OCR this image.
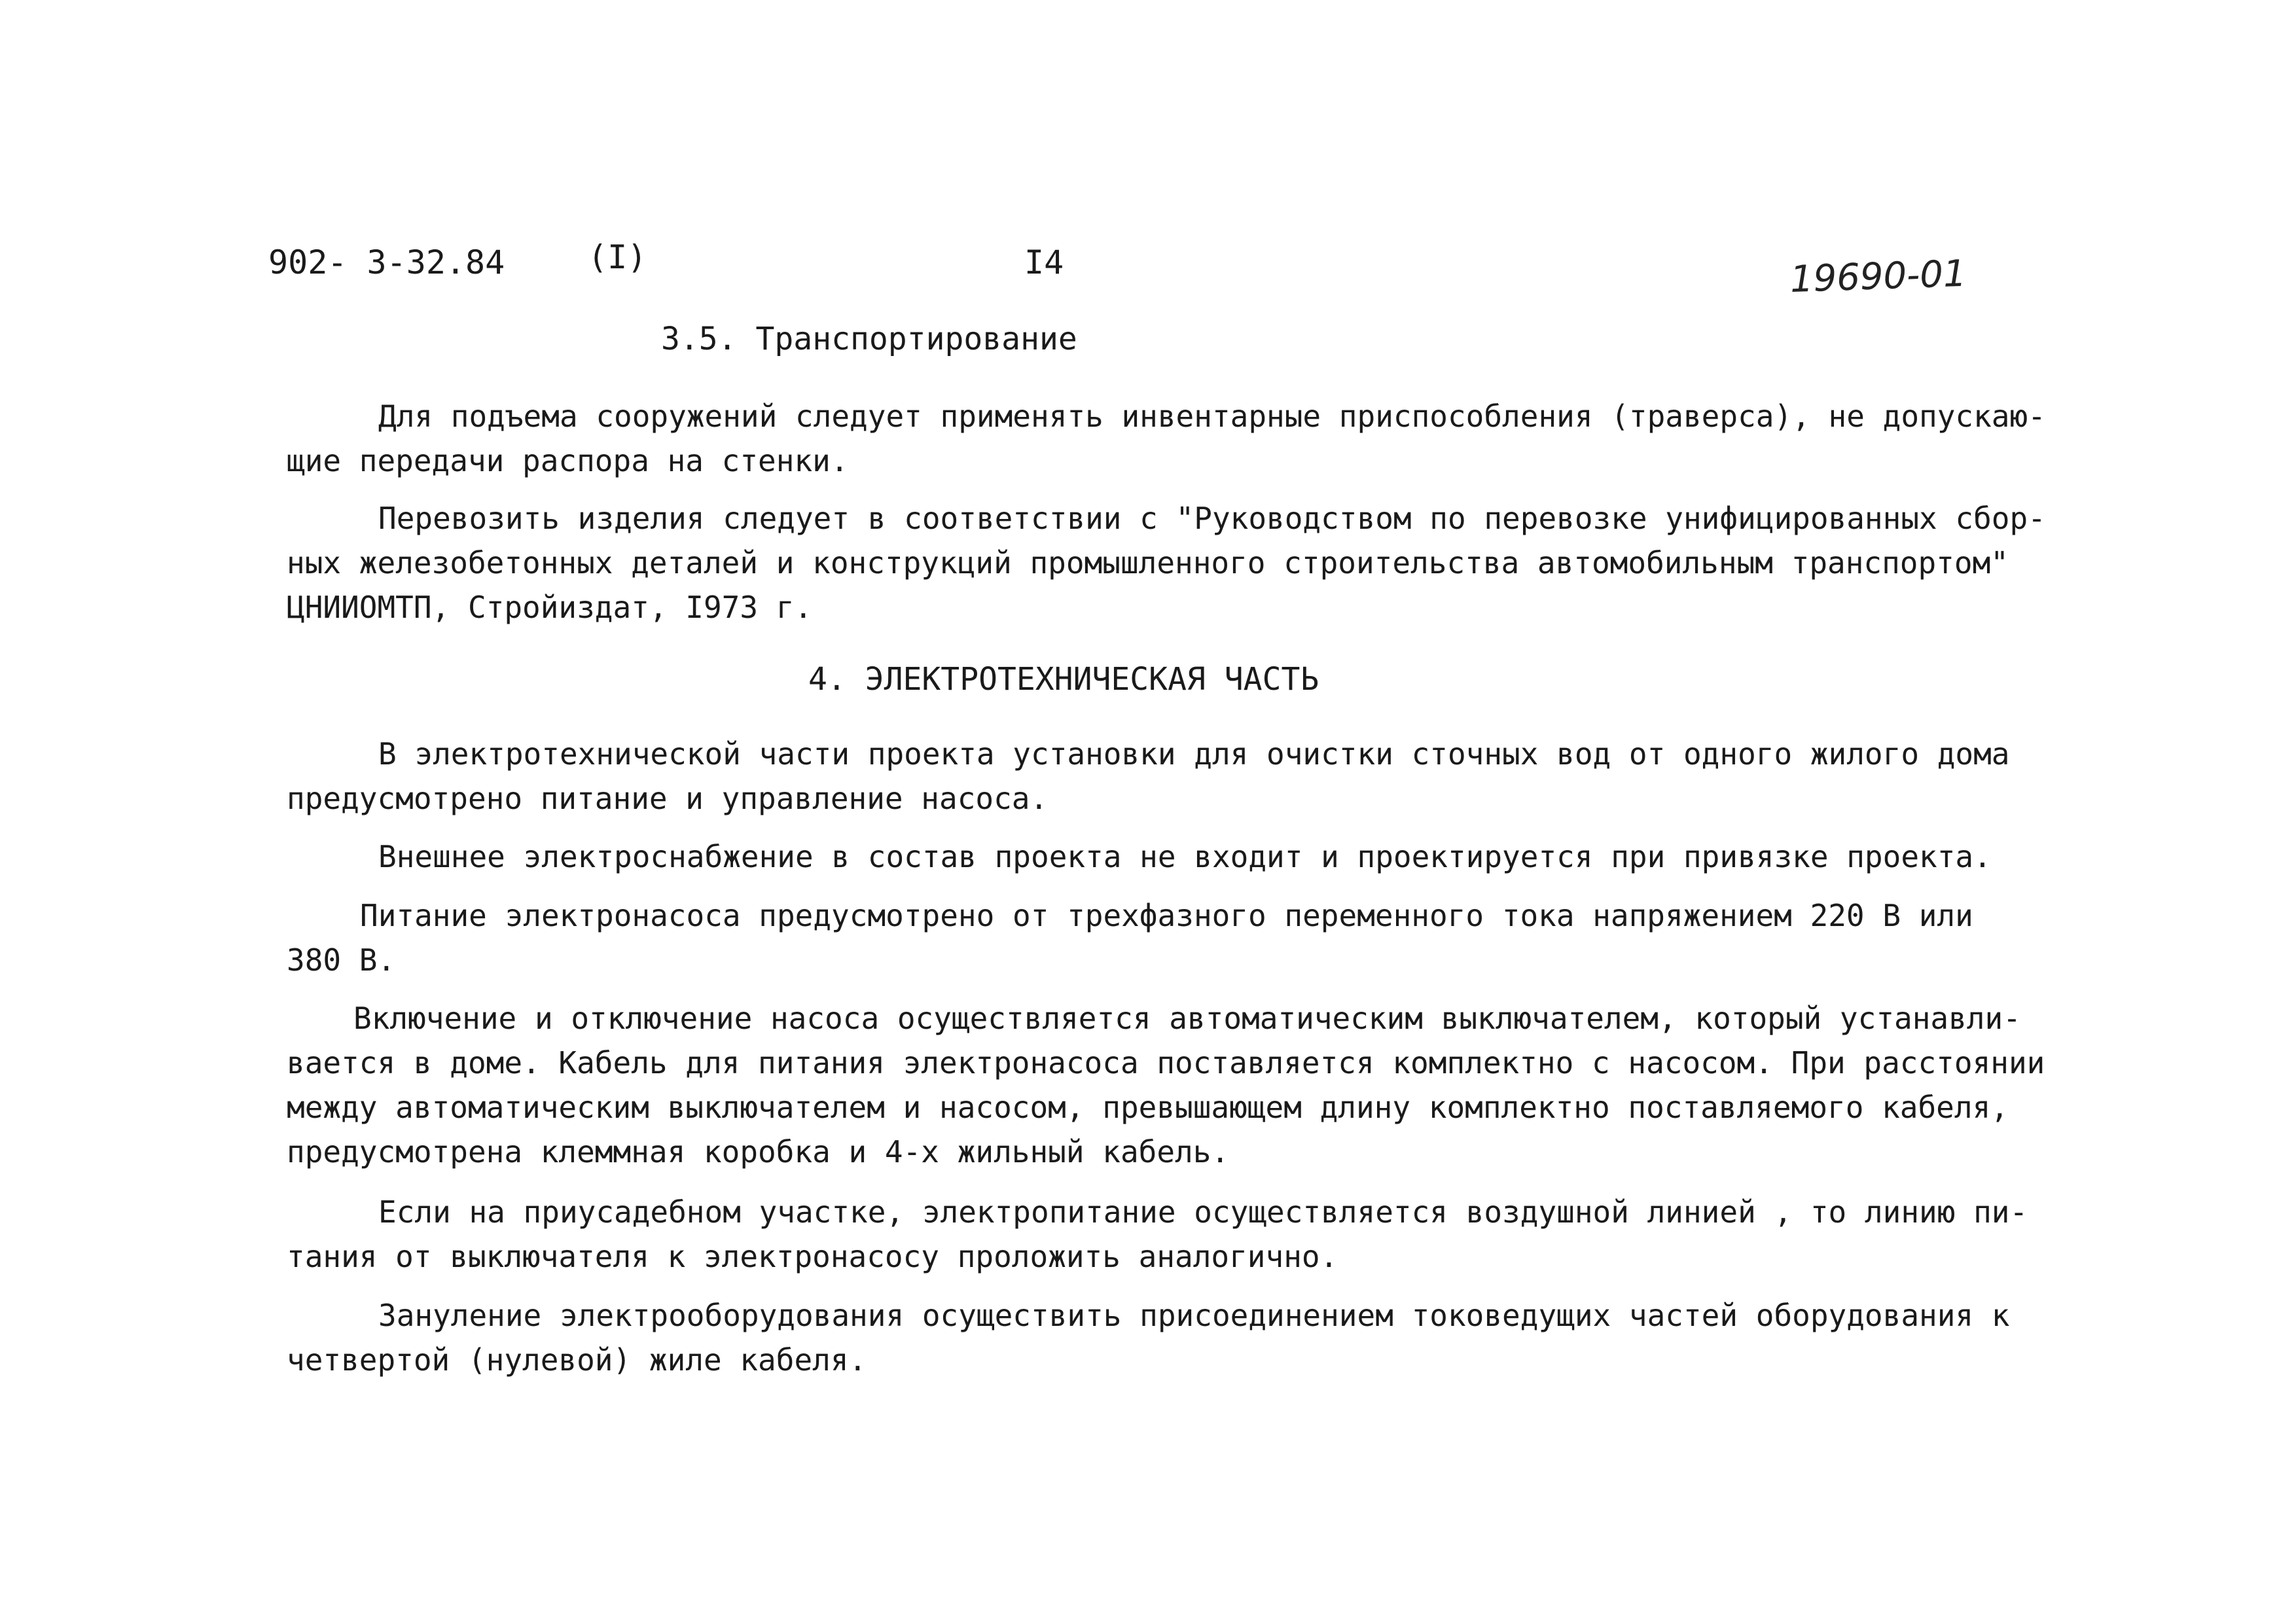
902- 3-32.84	(I)	I4	19690-01
3.5. Транспортирование
Для подъема сооружений следует применять инвентарные приспособления (траверса), не допускаю-
щие передачи распора на стенки.
Перевозить изделия следует в соответствии с "Руководством по перевозке унифицированных сбор-
ных железобетонных деталей и конструкций промышленного строительства автомобильным транспортом"
ЦНИИОМТП, Стройиздат, I973 г.
4. ЭЛЕКТРОТЕХНИЧЕСКАЯ ЧАСТЬ
В электротехнической части проекта установки для очистки сточных вод от одного жилого дома
предусмотрено питание и управление насоса.
Внешнее электроснабжение в состав проекта не входит и проектируется при привязке проекта.
Питание электронасоса предусмотрено от трехфазного переменного тока напряжением 220 В или
380 В.
Включение и отключение насоса осуществляется автоматическим выключателем, который устанавли-
вается в доме. Кабель для питания электронасоса поставляется комплектно с насосом. При расстоянии
между автоматическим выключателем и насосом, превышающем длину комплектно поставляемого кабеля,
предусмотрена клеммная коробка и 4-х жильный кабель.
Если на приусадебном участке, электропитание осуществляется воздушной линией , то линию пи-
тания от выключателя к электронасосу проложить аналогично.
Зануление электрооборудования осуществить присоединением токоведущих частей оборудования к
четвертой (нулевой) жиле кабеля.
